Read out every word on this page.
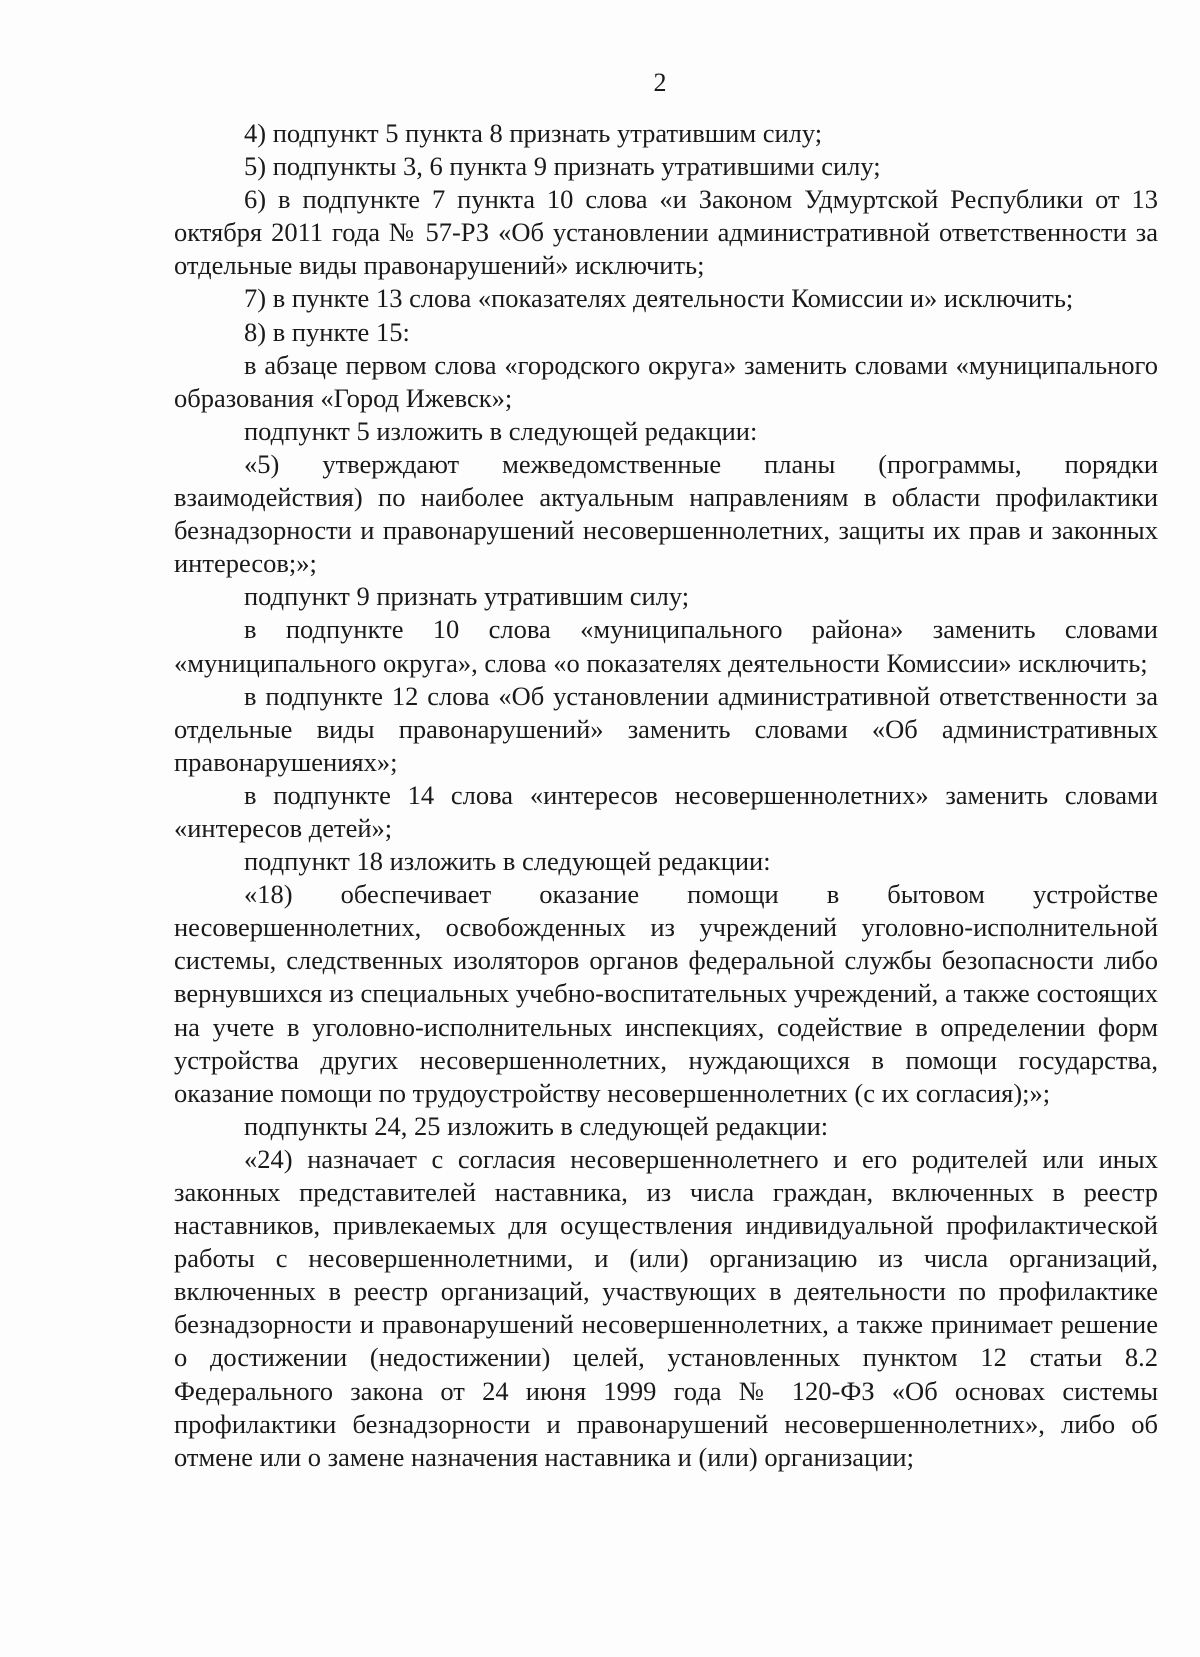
2

4) подпункт 5 пункта 8 признать утратившим силу;

5) подпункты 3, 6 пункта 9 признать утратившими силу;

6) в подпункте 7 пункта 10 слова «и Законом Удмуртской Республики от 13 октября 2011 года № 57-РЗ «Об установлении административной ответственности за отдельные виды правонарушений» исключить;

7) в пункте 13 слова «показателях деятельности Комиссии и» исключить;

8) в пункте 15:

в абзаце первом слова «городского округа» заменить словами «муниципального образования «Город Ижевск»;

подпункт 5 изложить в следующей редакции:

«5) утверждают межведомственные планы (программы, порядки взаимодействия) по наиболее актуальным направлениям в области профилактики безнадзорности и правонарушений несовершеннолетних, защиты их прав и законных интересов;»;

подпункт 9 признать утратившим силу;

в подпункте 10 слова «муниципального района» заменить словами «муниципального округа», слова «о показателях деятельности Комиссии» исключить;

в подпункте 12 слова «Об установлении административной ответственности за отдельные виды правонарушений» заменить словами «Об административных правонарушениях»;

в подпункте 14 слова «интересов несовершеннолетних» заменить словами «интересов детей»;

подпункт 18 изложить в следующей редакции:

«18) обеспечивает оказание помощи в бытовом устройстве несовершеннолетних, освобожденных из учреждений уголовно-исполнительной системы, следственных изоляторов органов федеральной службы безопасности либо вернувшихся из специальных учебно-воспитательных учреждений, а также состоящих на учете в уголовно-исполнительных инспекциях, содействие в определении форм устройства других несовершеннолетних, нуждающихся в помощи государства, оказание помощи по трудоустройству несовершеннолетних (с их согласия);»;

подпункты 24, 25 изложить в следующей редакции:

«24) назначает с согласия несовершеннолетнего и его родителей или иных законных представителей наставника, из числа граждан, включенных в реестр наставников, привлекаемых для осуществления индивидуальной профилактической работы с несовершеннолетними, и (или) организацию из числа организаций, включенных в реестр организаций, участвующих в деятельности по профилактике безнадзорности и правонарушений несовершеннолетних, а также принимает решение о достижении (недостижении) целей, установленных пунктом 12 статьи 8.2 Федерального закона от 24 июня 1999 года № 120-ФЗ «Об основах системы профилактики безнадзорности и правонарушений несовершеннолетних», либо об отмене или о замене назначения наставника и (или) организации;
